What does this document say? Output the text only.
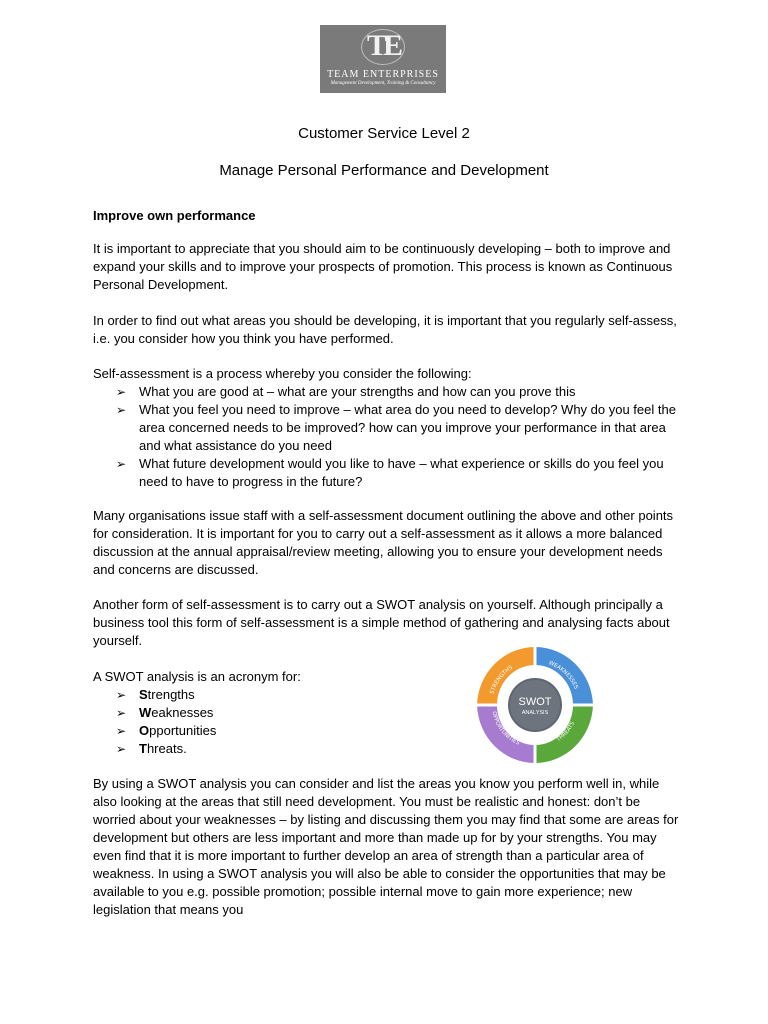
TE
TEAM ENTERPRISES
Management Development, Training & Consultancy
Customer Service Level 2
Manage Personal Performance and Development

Improve own performance

It is important to appreciate that you should aim to be continuously developing – both to improve and expand your skills and to improve your prospects of promotion. This process is known as Continuous Personal Development.

In order to find out what areas you should be developing, it is important that you regularly self-assess, i.e. you consider how you think you have performed.

Self-assessment is a process whereby you consider the following:

➢ What you are good at – what are your strengths and how can you prove this
➢ What you feel you need to improve – what area do you need to develop? Why do you feel the area concerned needs to be improved? how can you improve your performance in that area and what assistance do you need
➢ What future development would you like to have – what experience or skills do you feel you need to have to progress in the future?

Many organisations issue staff with a self-assessment document outlining the above and other points for consideration. It is important for you to carry out a self-assessment as it allows a more balanced discussion at the annual appraisal/review meeting, allowing you to ensure your development needs and concerns are discussed.

Another form of self-assessment is to carry out a SWOT analysis on yourself. Although principally a business tool this form of self-assessment is a simple method of gathering and analysing facts about yourself.

A SWOT analysis is an acronym for:

➢ Strengths
➢ Weaknesses
➢ Opportunities
➢ Threats.
STRENGTHS
WEAKNESSES
THREATS
OPPORTUNITIES
SWOT
ANALYSIS

By using a SWOT analysis you can consider and list the areas you know you perform well in, while also looking at the areas that still need development. You must be realistic and honest: don’t be worried about your weaknesses – by listing and discussing them you may find that some are areas for development but others are less important and more than made up for by your strengths. You may even find that it is more important to further develop an area of strength than a particular area of weakness. In using a SWOT analysis you will also be able to consider the opportunities that may be available to you e.g. possible promotion; possible internal move to gain more experience; new legislation that means you
